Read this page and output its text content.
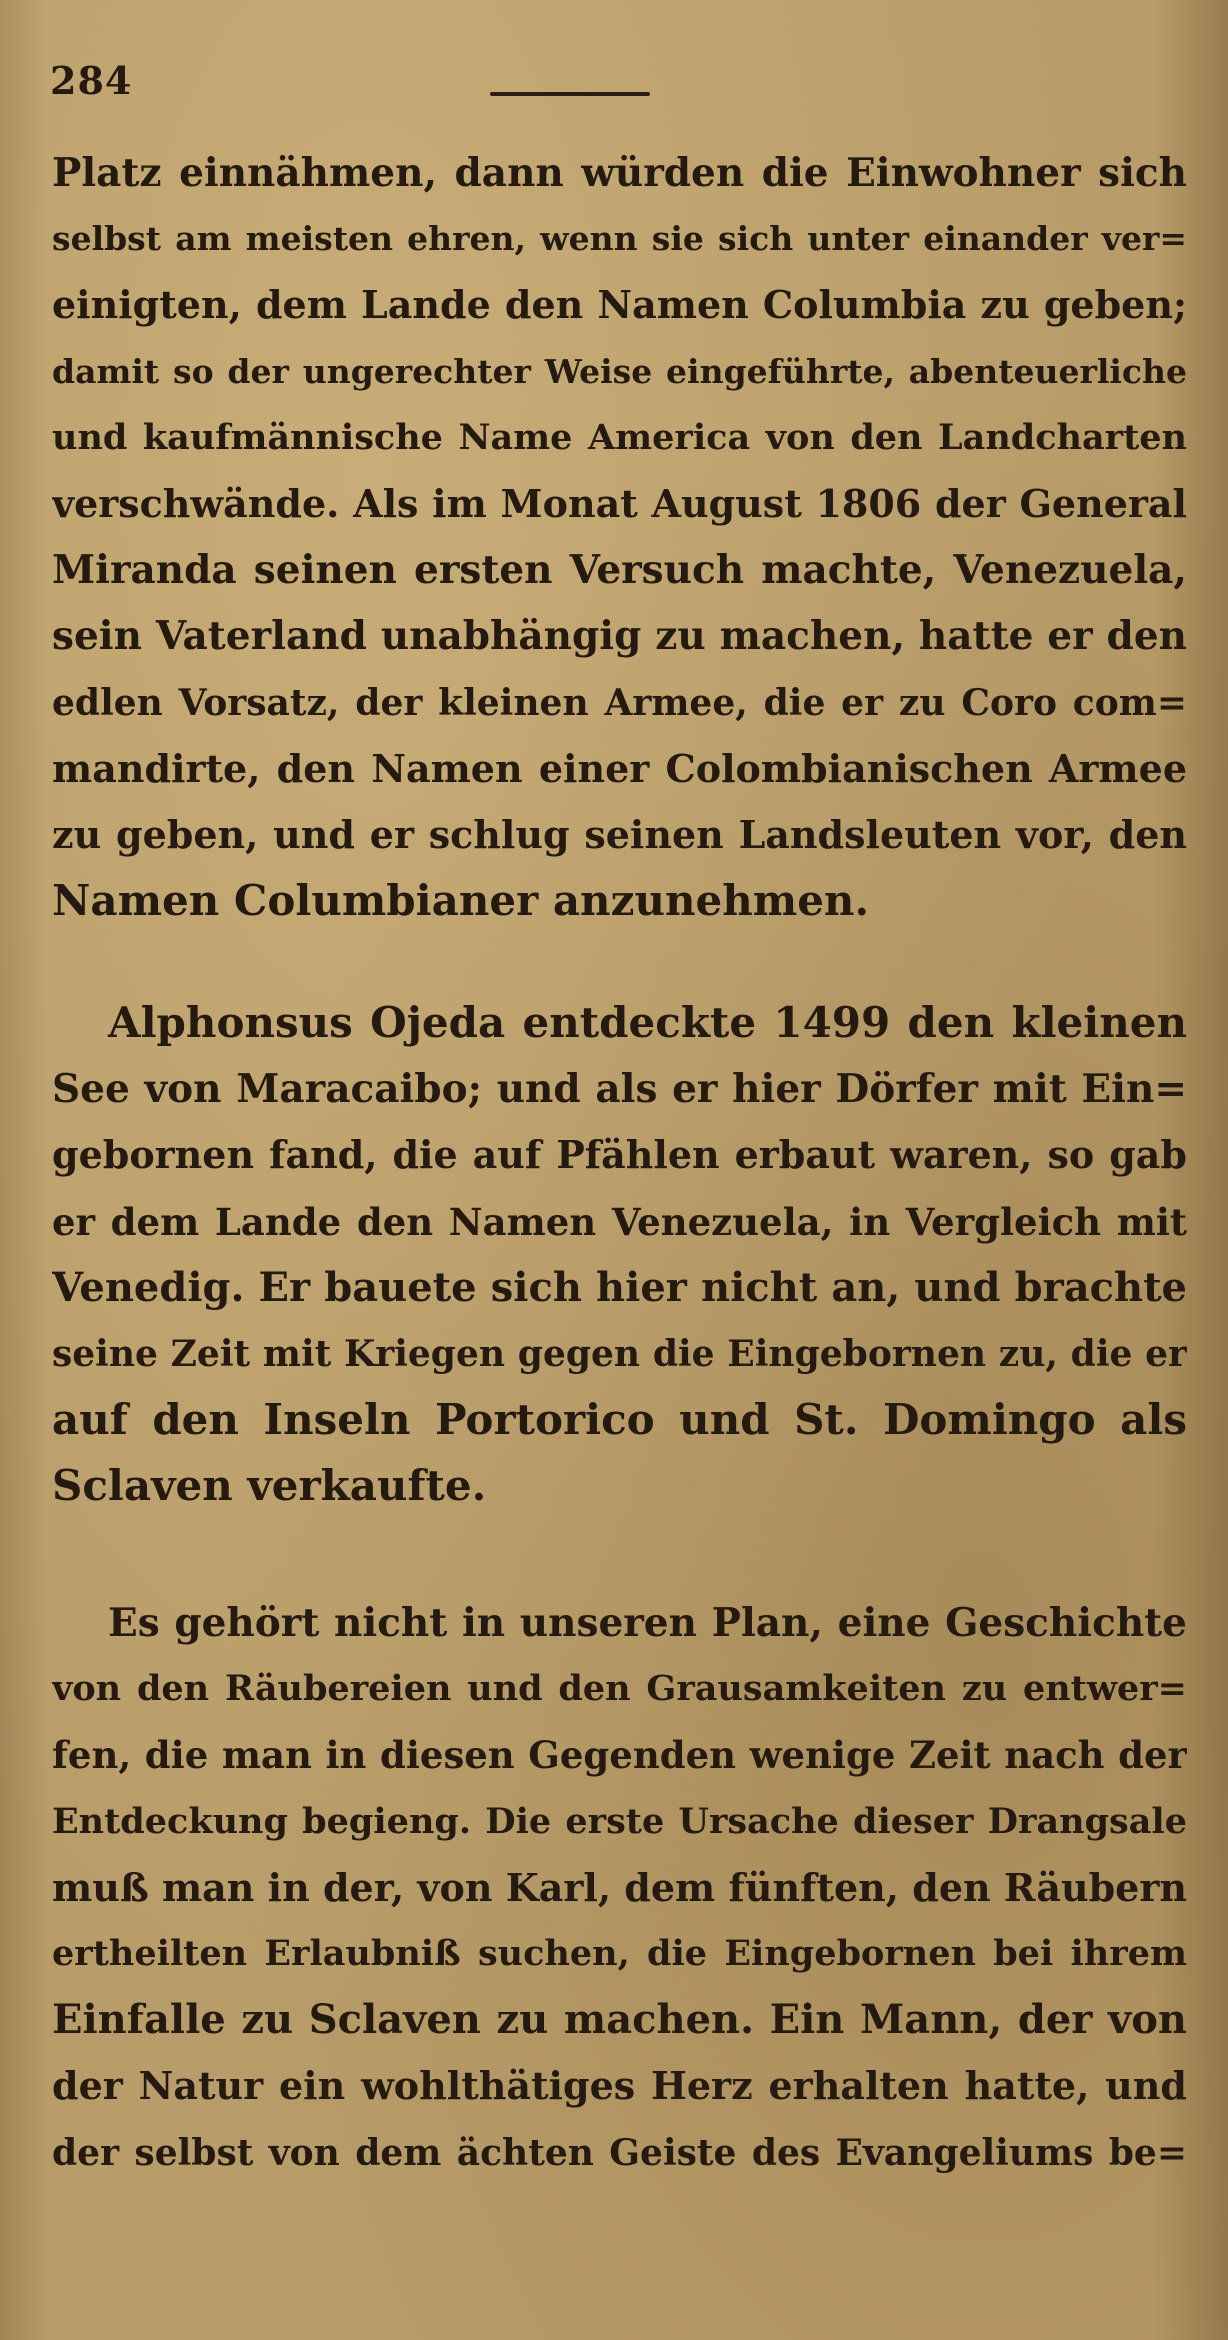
284
Platz einnähmen, dann würden die Einwohner sich
selbst am meisten ehren, wenn sie sich unter einander ver=
einigten, dem Lande den Namen Columbia zu geben;
damit so der ungerechter Weise eingeführte, abenteuerliche
und kaufmännische Name America von den Landcharten
verschwände. Als im Monat August 1806 der General
Miranda seinen ersten Versuch machte, Venezuela,
sein Vaterland unabhängig zu machen, hatte er den
edlen Vorsatz, der kleinen Armee, die er zu Coro com=
mandirte, den Namen einer Colombianischen Armee
zu geben, und er schlug seinen Landsleuten vor, den
Namen Columbianer anzunehmen.
Alphonsus Ojeda entdeckte 1499 den kleinen
See von Maracaibo; und als er hier Dörfer mit Ein=
gebornen fand, die auf Pfählen erbaut waren, so gab
er dem Lande den Namen Venezuela, in Vergleich mit
Venedig. Er bauete sich hier nicht an, und brachte
seine Zeit mit Kriegen gegen die Eingebornen zu, die er
auf den Inseln Portorico und St. Domingo als
Sclaven verkaufte.
Es gehört nicht in unseren Plan, eine Geschichte
von den Räubereien und den Grausamkeiten zu entwer=
fen, die man in diesen Gegenden wenige Zeit nach der
Entdeckung begieng. Die erste Ursache dieser Drangsale
muß man in der, von Karl, dem fünften, den Räubern
ertheilten Erlaubniß suchen, die Eingebornen bei ihrem
Einfalle zu Sclaven zu machen. Ein Mann, der von
der Natur ein wohlthätiges Herz erhalten hatte, und
der selbst von dem ächten Geiste des Evangeliums be=
